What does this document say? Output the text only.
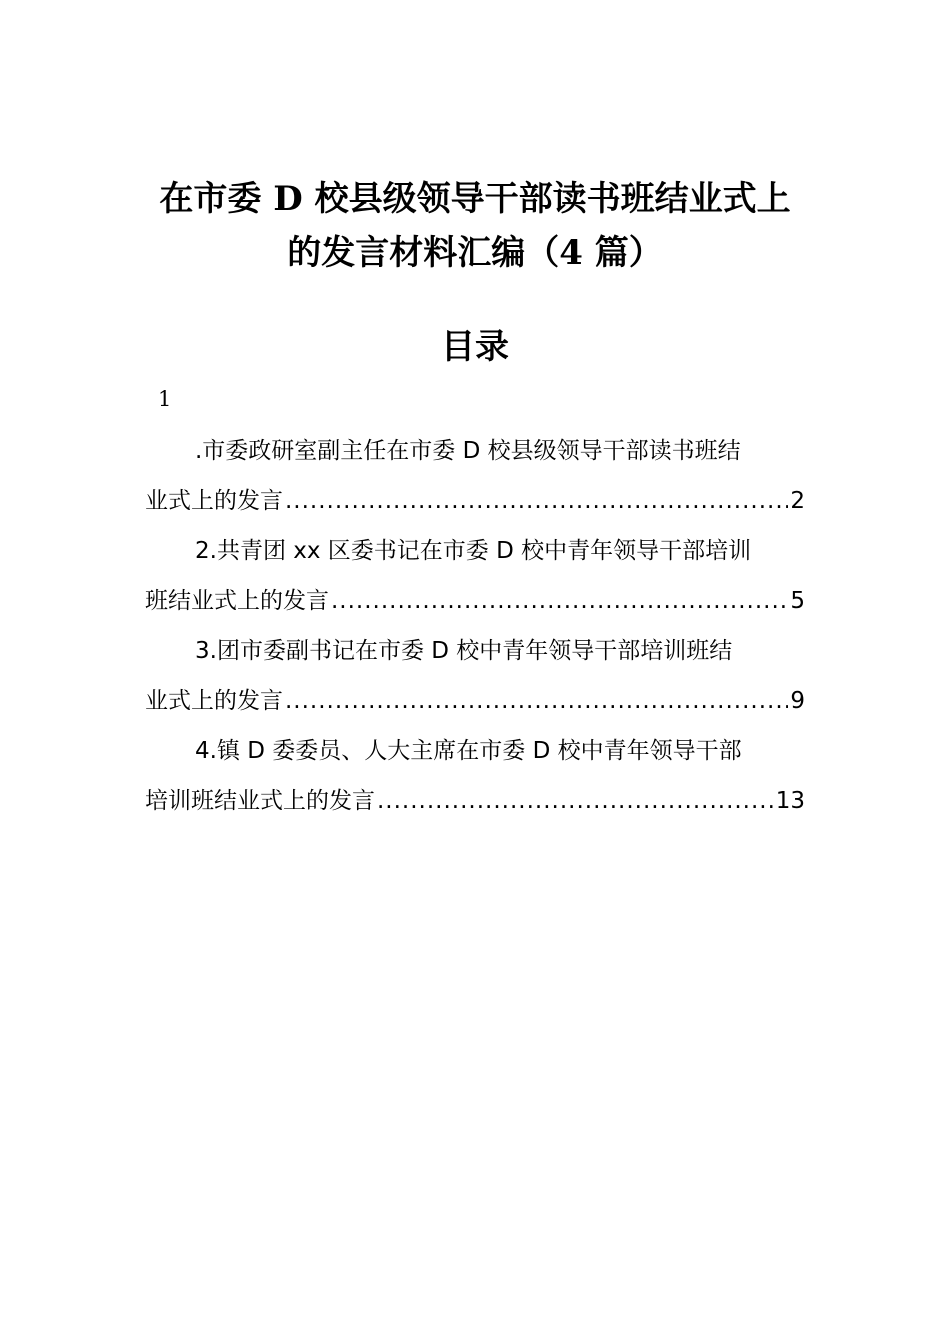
在市委 D 校县级领导干部读书班结业式上
的发言材料汇编（4 篇）
目录
1
.市委政研室副主任在市委 D 校县级领导干部读书班结
业式上的发言 .....	2
2.共青团 xx 区委书记在市委 D 校中青年领导干部培训
班结业式上的发言 .....	5
3.团市委副书记在市委 D 校中青年领导干部培训班结
业式上的发言 .....	9
4.镇 D 委委员、人大主席在市委 D 校中青年领导干部
培训班结业式上的发言 .....	13
